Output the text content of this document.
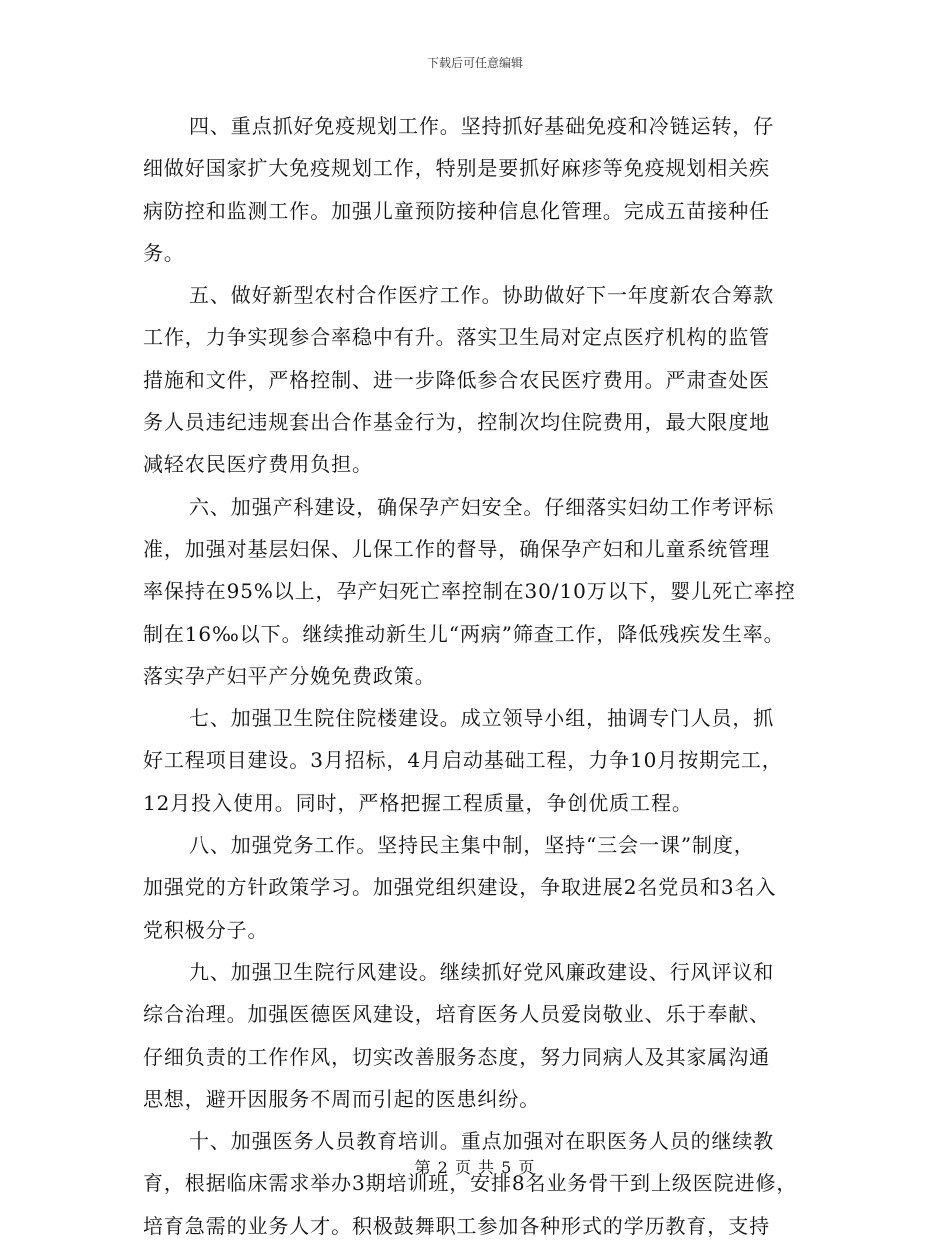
下载后可任意编辑

四、重点抓好免疫规划工作。坚持抓好基础免疫和冷链运转，仔
细做好国家扩大免疫规划工作，特别是要抓好麻疹等免疫规划相关疾
病防控和监测工作。加强儿童预防接种信息化管理。完成五苗接种任
务。

五、做好新型农村合作医疗工作。协助做好下一年度新农合筹款
工作，力争实现参合率稳中有升。落实卫生局对定点医疗机构的监管
措施和文件，严格控制、进一步降低参合农民医疗费用。严肃查处医
务人员违纪违规套出合作基金行为，控制次均住院费用，最大限度地
减轻农民医疗费用负担。

六、加强产科建设，确保孕产妇安全。仔细落实妇幼工作考评标
准，加强对基层妇保、儿保工作的督导，确保孕产妇和儿童系统管理
率保持在95%以上，孕产妇死亡率控制在30/10万以下，婴儿死亡率控
制在16‰以下。继续推动新生儿“两病”筛查工作，降低残疾发生率。
落实孕产妇平产分娩免费政策。

七、加强卫生院住院楼建设。成立领导小组，抽调专门人员，抓
好工程项目建设。3月招标，4月启动基础工程，力争10月按期完工，
12月投入使用。同时，严格把握工程质量，争创优质工程。

八、加强党务工作。坚持民主集中制，坚持“三会一课”制度，
加强党的方针政策学习。加强党组织建设，争取进展2名党员和3名入
党积极分子。

九、加强卫生院行风建设。继续抓好党风廉政建设、行风评议和
综合治理。加强医德医风建设，培育医务人员爱岗敬业、乐于奉献、
仔细负责的工作作风，切实改善服务态度，努力同病人及其家属沟通
思想，避开因服务不周而引起的医患纠纷。

十、加强医务人员教育培训。重点加强对在职医务人员的继续教
育，根据临床需求举办3期培训班，安排8名业务骨干到上级医院进修，
培育急需的业务人才。积极鼓舞职工参加各种形式的学历教育，支持

第 2 页 共 5 页
